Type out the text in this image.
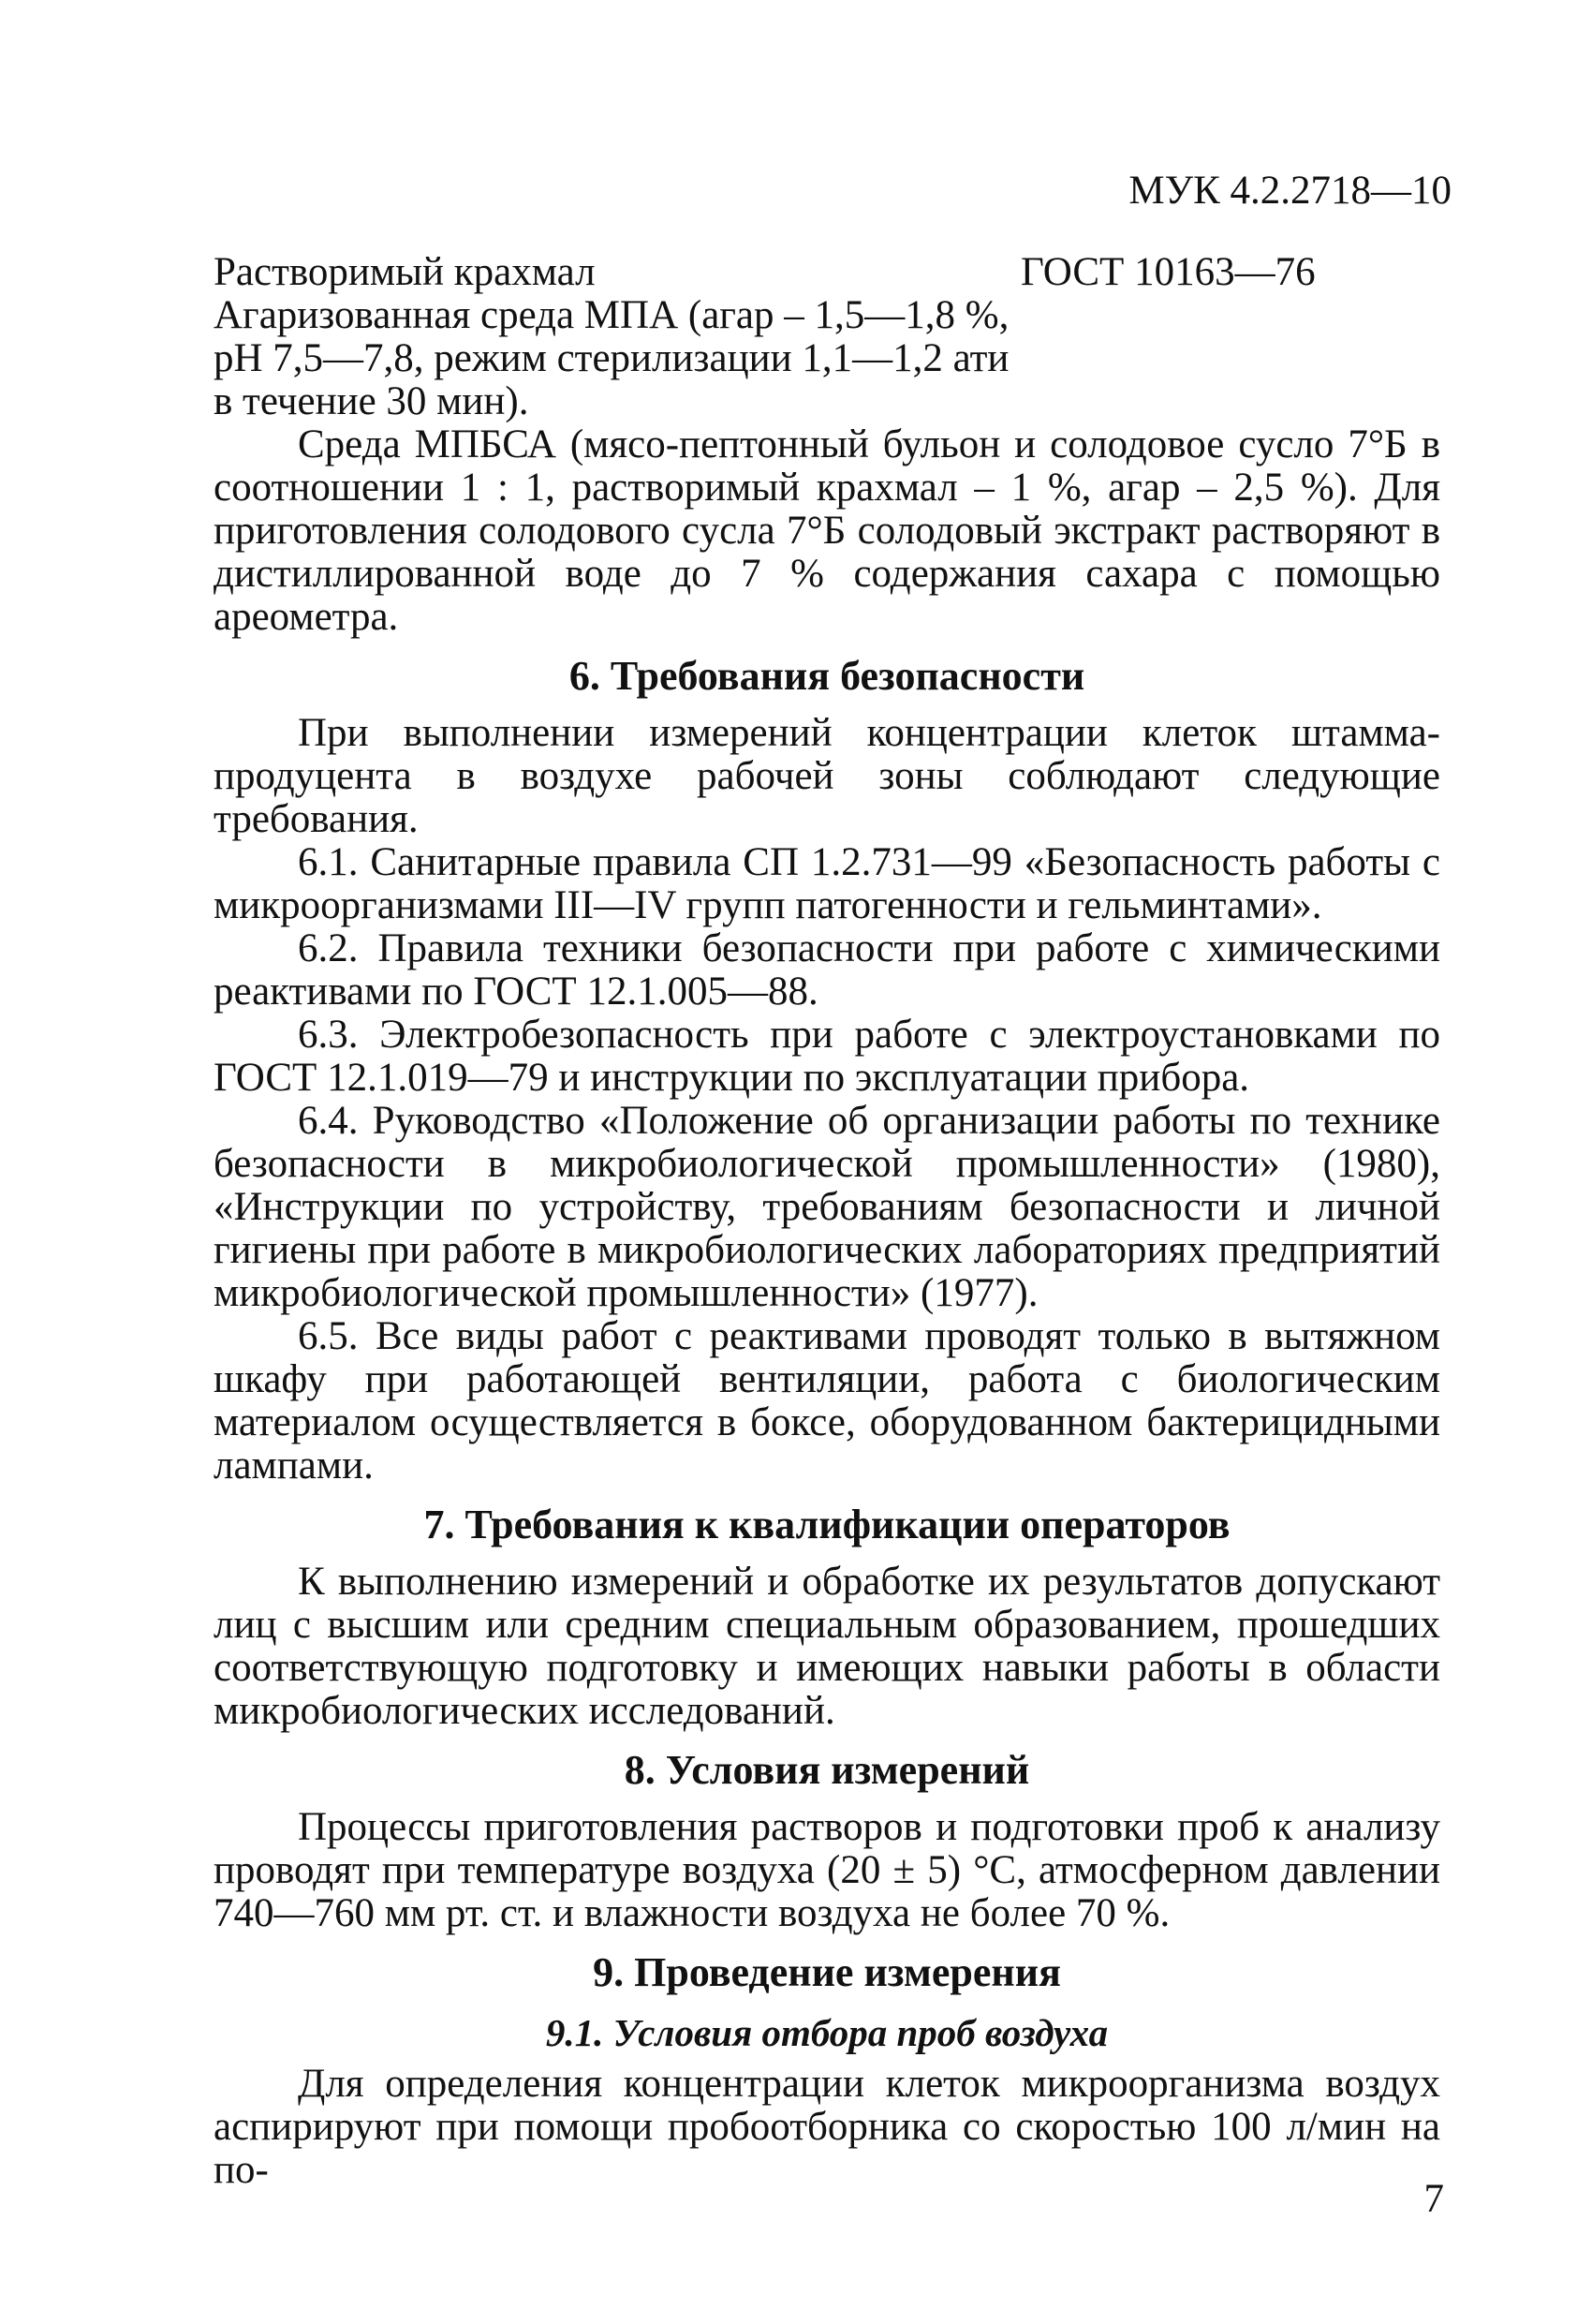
МУК 4.2.2718—10

Растворимый крахмал

Агаризованная среда МПА (агар – 1,5—1,8 %, pH 7,5—7,8, режим стерилизации 1,1—1,2 ати в течение 30 мин).

ГОСТ 10163—76

Среда МПБСА (мясо-пептонный бульон и солодовое сусло 7°Б в соотношении 1 : 1, растворимый крахмал – 1 %, агар – 2,5 %). Для приготовления солодового сусла 7°Б солодовый экстракт растворяют в дистиллированной воде до 7 % содержания сахара с помощью ареометра.

6. Требования безопасности

При выполнении измерений концентрации клеток штамма-продуцента в воздухе рабочей зоны соблюдают следующие требования.

6.1. Санитарные правила СП 1.2.731—99 «Безопасность работы с микроорганизмами III—IV групп патогенности и гельминтами».

6.2. Правила техники безопасности при работе с химическими реактивами по ГОСТ 12.1.005—88.

6.3. Электробезопасность при работе с электроустановками по ГОСТ 12.1.019—79 и инструкции по эксплуатации прибора.

6.4. Руководство «Положение об организации работы по технике безопасности в микробиологической промышленности» (1980), «Инструкции по устройству, требованиям безопасности и личной гигиены при работе в микробиологических лабораториях предприятий микробиологической промышленности» (1977).

6.5. Все виды работ с реактивами проводят только в вытяжном шкафу при работающей вентиляции, работа с биологическим материалом осуществляется в боксе, оборудованном бактерицидными лампами.

7. Требования к квалификации операторов

К выполнению измерений и обработке их результатов допускают лиц с высшим или средним специальным образованием, прошедших соответствующую подготовку и имеющих навыки работы в области микробиологических исследований.

8. Условия измерений

Процессы приготовления растворов и подготовки проб к анализу проводят при температуре воздуха (20 ± 5) °С, атмосферном давлении 740—760 мм рт. ст. и влажности воздуха не более 70 %.

9. Проведение измерения
9.1. Условия отбора проб воздуха

Для определения концентрации клеток микроорганизма воздух аспирируют при помощи пробоотборника со скоростью 100 л/мин на по-

7
